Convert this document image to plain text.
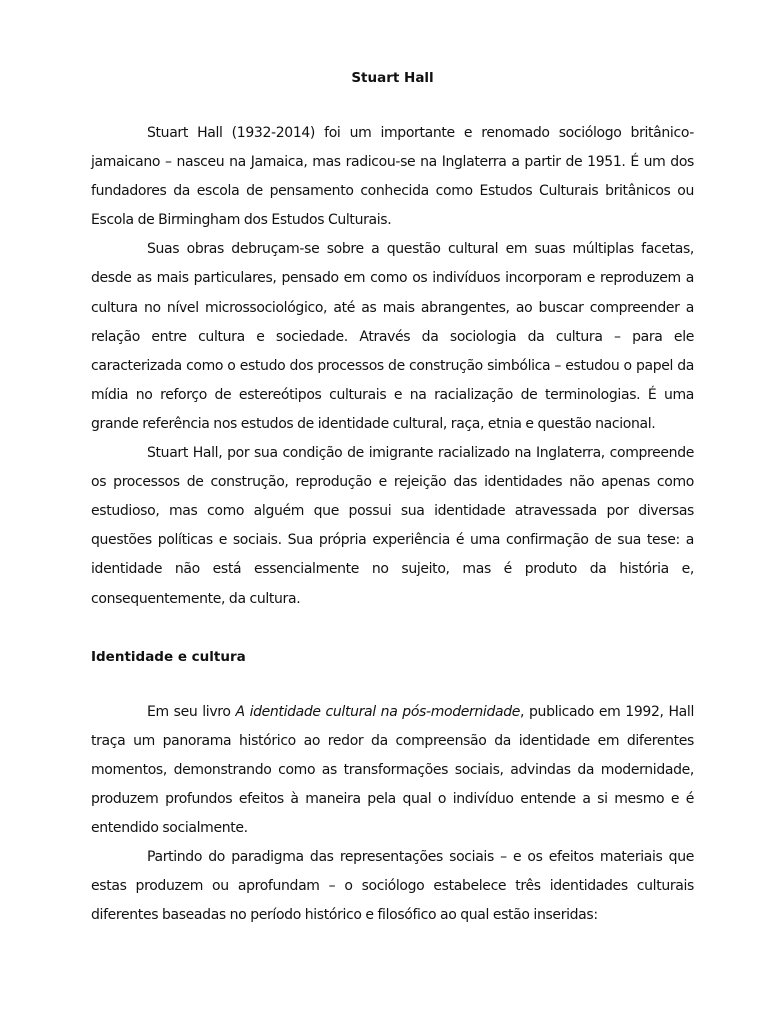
Stuart Hall

Stuart Hall (1932-2014) foi um importante e renomado sociólogo britânico-jamaicano – nasceu na Jamaica, mas radicou-se na Inglaterra a partir de 1951. É um dos fundadores da escola de pensamento conhecida como Estudos Culturais britânicos ou Escola de Birmingham dos Estudos Culturais.

Suas obras debruçam-se sobre a questão cultural em suas múltiplas facetas, desde as mais particulares, pensado em como os indivíduos incorporam e reproduzem a cultura no nível microssociológico, até as mais abrangentes, ao buscar compreender a relação entre cultura e sociedade. Através da sociologia da cultura – para ele caracterizada como o estudo dos processos de construção simbólica – estudou o papel da mídia no reforço de estereótipos culturais e na racialização de terminologias. É uma grande referência nos estudos de identidade cultural, raça, etnia e questão nacional.

Stuart Hall, por sua condição de imigrante racializado na Inglaterra, compreende os processos de construção, reprodução e rejeição das identidades não apenas como estudioso, mas como alguém que possui sua identidade atravessada por diversas questões políticas e sociais. Sua própria experiência é uma confirmação de sua tese: a identidade não está essencialmente no sujeito, mas é produto da história e, consequentemente, da cultura.

Identidade e cultura

Em seu livro A identidade cultural na pós-modernidade, publicado em 1992, Hall traça um panorama histórico ao redor da compreensão da identidade em diferentes momentos, demonstrando como as transformações sociais, advindas da modernidade, produzem profundos efeitos à maneira pela qual o indivíduo entende a si mesmo e é entendido socialmente.

Partindo do paradigma das representações sociais – e os efeitos materiais que estas produzem ou aprofundam – o sociólogo estabelece três identidades culturais diferentes baseadas no período histórico e filosófico ao qual estão inseridas:
